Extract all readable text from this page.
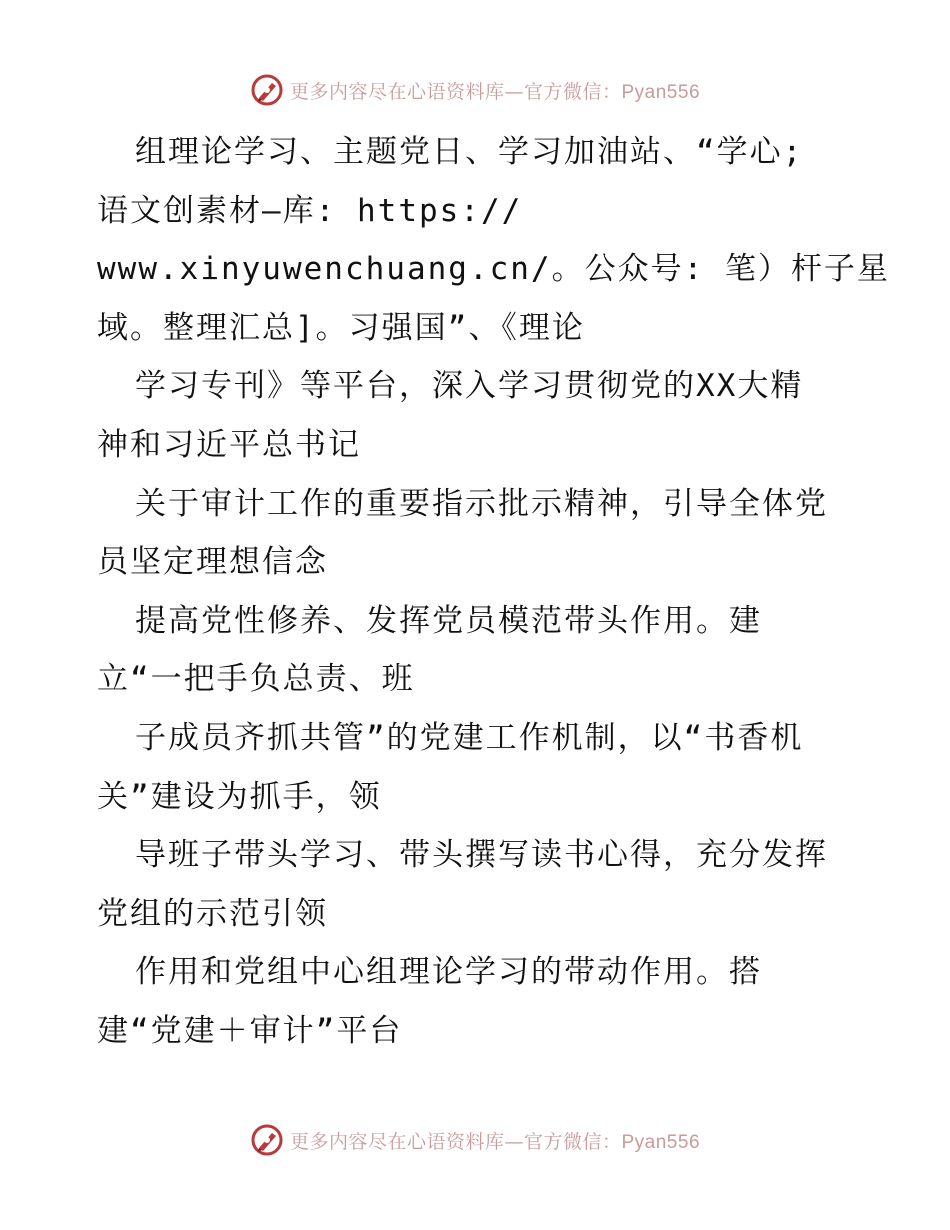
更多内容尽在心语资料库—官方微信：Pyan556
组理论学习、主题党日、学习加油站、“学心;
语文创素材—库: https://
www.xinyuwenchuang.cn/。公众号: 笔）杆子星
域。整理汇总]。习强国”、《理论
学习专刊》等平台，深入学习贯彻党的XX大精
神和习近平总书记
关于审计工作的重要指示批示精神，引导全体党
员坚定理想信念
提高党性修养、发挥党员模范带头作用。建
立“一把手负总责、班
子成员齐抓共管”的党建工作机制，以“书香机
关”建设为抓手，领
导班子带头学习、带头撰写读书心得，充分发挥
党组的示范引领
作用和党组中心组理论学习的带动作用。搭
建“党建＋审计”平台
更多内容尽在心语资料库—官方微信：Pyan556
